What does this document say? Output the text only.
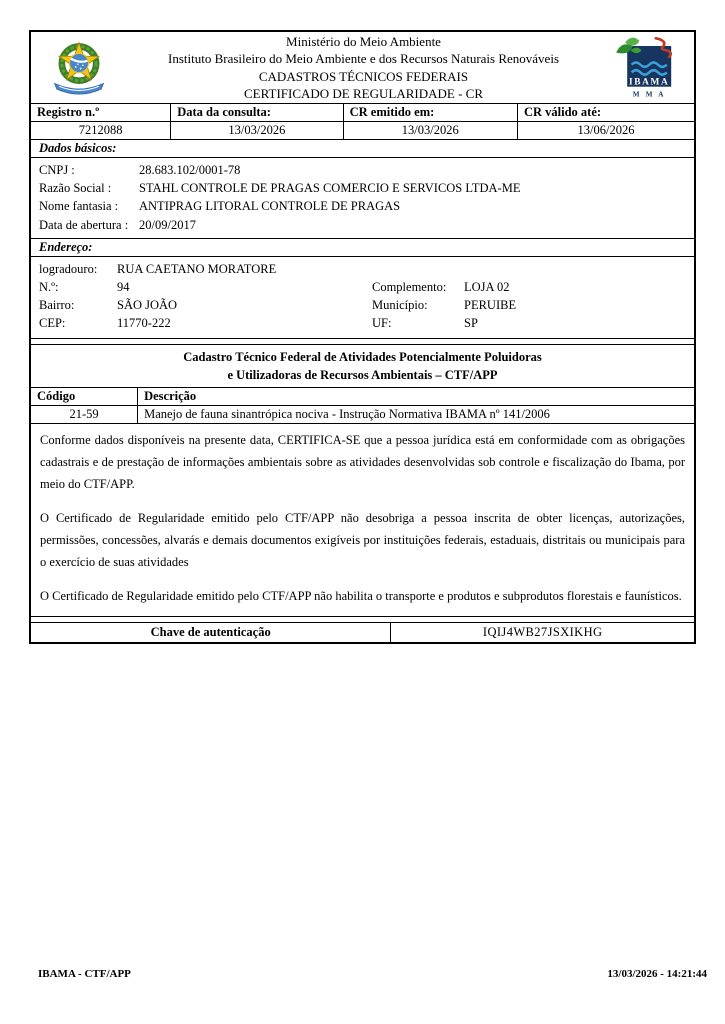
Ministério do Meio Ambiente
Instituto Brasileiro do Meio Ambiente e dos Recursos Naturais Renováveis
CADASTROS TÉCNICOS FEDERAIS
CERTIFICADO DE REGULARIDADE - CR
IBAMA
M M A
Registro n.º	Data da consulta:	CR emitido em:	CR válido até:
7212088	13/03/2026	13/03/2026	13/06/2026
Dados básicos:
CNPJ :	28.683.102/0001-78
Razão Social :	STAHL CONTROLE DE PRAGAS COMERCIO E SERVICOS LTDA-ME
Nome fantasia :	ANTIPRAG LITORAL CONTROLE DE PRAGAS
Data de abertura : 20/09/2017
Endereço:
logradouro:	RUA CAETANO MORATORE
N.º:	94	Complemento:	LOJA 02
Bairro:	SÃO JOÃO	Município:	PERUIBE
CEP:	11770-222	UF:	SP
Cadastro Técnico Federal de Atividades Potencialmente Poluidoras
e Utilizadoras de Recursos Ambientais – CTF/APP
Código	Descrição
21-59	Manejo de fauna sinantrópica nociva - Instrução Normativa IBAMA nº 141/2006

Conforme dados disponíveis na presente data, CERTIFICA-SE que a pessoa jurídica está em conformidade com as obrigações cadastrais e de prestação de informações ambientais sobre as atividades desenvolvidas sob controle e fiscalização do Ibama, por meio do CTF/APP.

O Certificado de Regularidade emitido pelo CTF/APP não desobriga a pessoa inscrita de obter licenças, autorizações, permissões, concessões, alvarás e demais documentos exigíveis por instituições federais, estaduais, distritais ou municipais para o exercício de suas atividades

O Certificado de Regularidade emitido pelo CTF/APP não habilita o transporte e produtos e subprodutos florestais e faunísticos.

Chave de autenticação	IQIJ4WB27JSXIKHG
IBAMA - CTF/APP	13/03/2026 - 14:21:44
